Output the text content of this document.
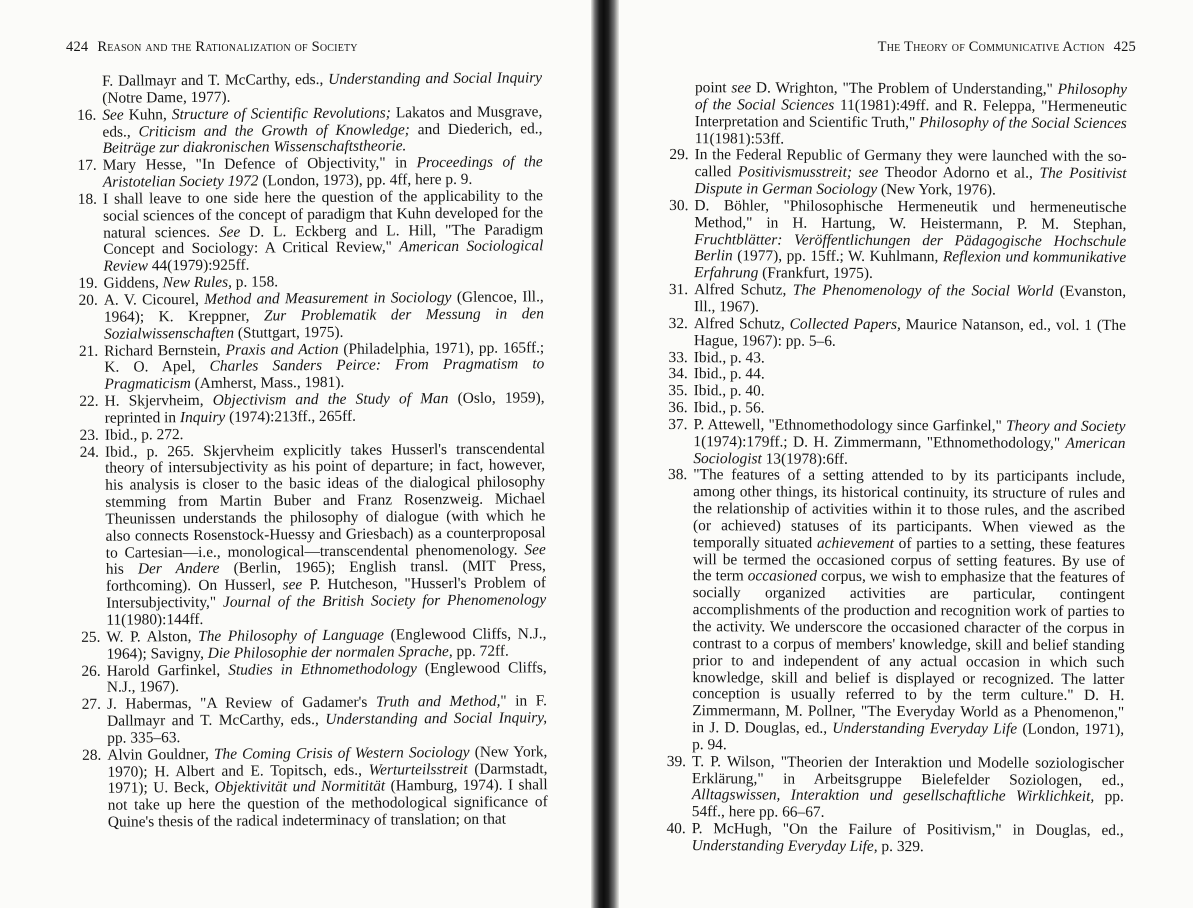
424 Reason and the Rationalization of Society
F. Dallmayr and T. McCarthy, eds., Understanding and Social Inquiry (Notre Dame, 1977).
16. See Kuhn, Structure of Scientific Revolutions; Lakatos and Musgrave, eds., Criticism and the Growth of Knowledge; and Diederich, ed., Beiträge zur diakronischen Wissenschaftstheorie.
17. Mary Hesse, "In Defence of Objectivity," in Proceedings of the Aristotelian Society 1972 (London, 1973), pp. 4ff, here p. 9.
18. I shall leave to one side here the question of the applicability to the social sciences of the concept of paradigm that Kuhn developed for the natural sciences. See D. L. Eckberg and L. Hill, "The Paradigm Concept and Sociology: A Critical Review," American Sociological Review 44(1979):925ff.
19. Giddens, New Rules, p. 158.
20. A. V. Cicourel, Method and Measurement in Sociology (Glencoe, Ill., 1964); K. Kreppner, Zur Problematik der Messung in den Sozialwissenschaften (Stuttgart, 1975).
21. Richard Bernstein, Praxis and Action (Philadelphia, 1971), pp. 165ff.; K. O. Apel, Charles Sanders Peirce: From Pragmatism to Pragmaticism (Amherst, Mass., 1981).
22. H. Skjervheim, Objectivism and the Study of Man (Oslo, 1959), reprinted in Inquiry (1974):213ff., 265ff.
23. Ibid., p. 272.
24. Ibid., p. 265. Skjervheim explicitly takes Husserl's transcendental theory of intersubjectivity as his point of departure; in fact, however, his analysis is closer to the basic ideas of the dialogical philosophy stemming from Martin Buber and Franz Rosenzweig. Michael Theunissen understands the philosophy of dialogue (with which he also connects Rosenstock-Huessy and Griesbach) as a counterproposal to Cartesian—i.e., monological—transcendental phenomenology. See his Der Andere (Berlin, 1965); English transl. (MIT Press, forthcoming). On Husserl, see P. Hutcheson, "Husserl's Problem of Intersubjectivity," Journal of the British Society for Phenomenology 11(1980):144ff.
25. W. P. Alston, The Philosophy of Language (Englewood Cliffs, N.J., 1964); Savigny, Die Philosophie der normalen Sprache, pp. 72ff.
26. Harold Garfinkel, Studies in Ethnomethodology (Englewood Cliffs, N.J., 1967).
27. J. Habermas, "A Review of Gadamer's Truth and Method," in F. Dallmayr and T. McCarthy, eds., Understanding and Social Inquiry, pp. 335–63.
28. Alvin Gouldner, The Coming Crisis of Western Sociology (New York, 1970); H. Albert and E. Topitsch, eds., Werturteilsstreit (Darmstadt, 1971); U. Beck, Objektivität und Normitität (Hamburg, 1974). I shall not take up here the question of the methodological significance of Quine's thesis of the radical indeterminacy of translation; on that
The Theory of Communicative Action 425
point see D. Wrighton, "The Problem of Understanding," Philosophy of the Social Sciences 11(1981):49ff. and R. Feleppa, "Hermeneutic Interpretation and Scientific Truth," Philosophy of the Social Sciences 11(1981):53ff.
29. In the Federal Republic of Germany they were launched with the so-called Positivismusstreit; see Theodor Adorno et al., The Positivist Dispute in German Sociology (New York, 1976).
30. D. Böhler, "Philosophische Hermeneutik und hermeneutische Method," in H. Hartung, W. Heistermann, P. M. Stephan, Fruchtblätter: Veröffentlichungen der Pädagogische Hochschule Berlin (1977), pp. 15ff.; W. Kuhlmann, Reflexion und kommunikative Erfahrung (Frankfurt, 1975).
31. Alfred Schutz, The Phenomenology of the Social World (Evanston, Ill., 1967).
32. Alfred Schutz, Collected Papers, Maurice Natanson, ed., vol. 1 (The Hague, 1967): pp. 5–6.
33. Ibid., p. 43.
34. Ibid., p. 44.
35. Ibid., p. 40.
36. Ibid., p. 56.
37. P. Attewell, "Ethnomethodology since Garfinkel," Theory and Society 1(1974):179ff.; D. H. Zimmermann, "Ethnomethodology," American Sociologist 13(1978):6ff.
38. "The features of a setting attended to by its participants include, among other things, its historical continuity, its structure of rules and the relationship of activities within it to those rules, and the ascribed (or achieved) statuses of its participants. When viewed as the temporally situated achievement of parties to a setting, these features will be termed the occasioned corpus of setting features. By use of the term occasioned corpus, we wish to emphasize that the features of socially organized activities are particular, contingent accomplishments of the production and recognition work of parties to the activity. We underscore the occasioned character of the corpus in contrast to a corpus of members' knowledge, skill and belief standing prior to and independent of any actual occasion in which such knowledge, skill and belief is displayed or recognized. The latter conception is usually referred to by the term culture." D. H. Zimmermann, M. Pollner, "The Everyday World as a Phenomenon," in J. D. Douglas, ed., Understanding Everyday Life (London, 1971), p. 94.
39. T. P. Wilson, "Theorien der Interaktion und Modelle soziologischer Erklärung," in Arbeitsgruppe Bielefelder Soziologen, ed., Alltagswissen, Interaktion und gesellschaftliche Wirklichkeit, pp. 54ff., here pp. 66–67.
40. P. McHugh, "On the Failure of Positivism," in Douglas, ed., Understanding Everyday Life, p. 329.
